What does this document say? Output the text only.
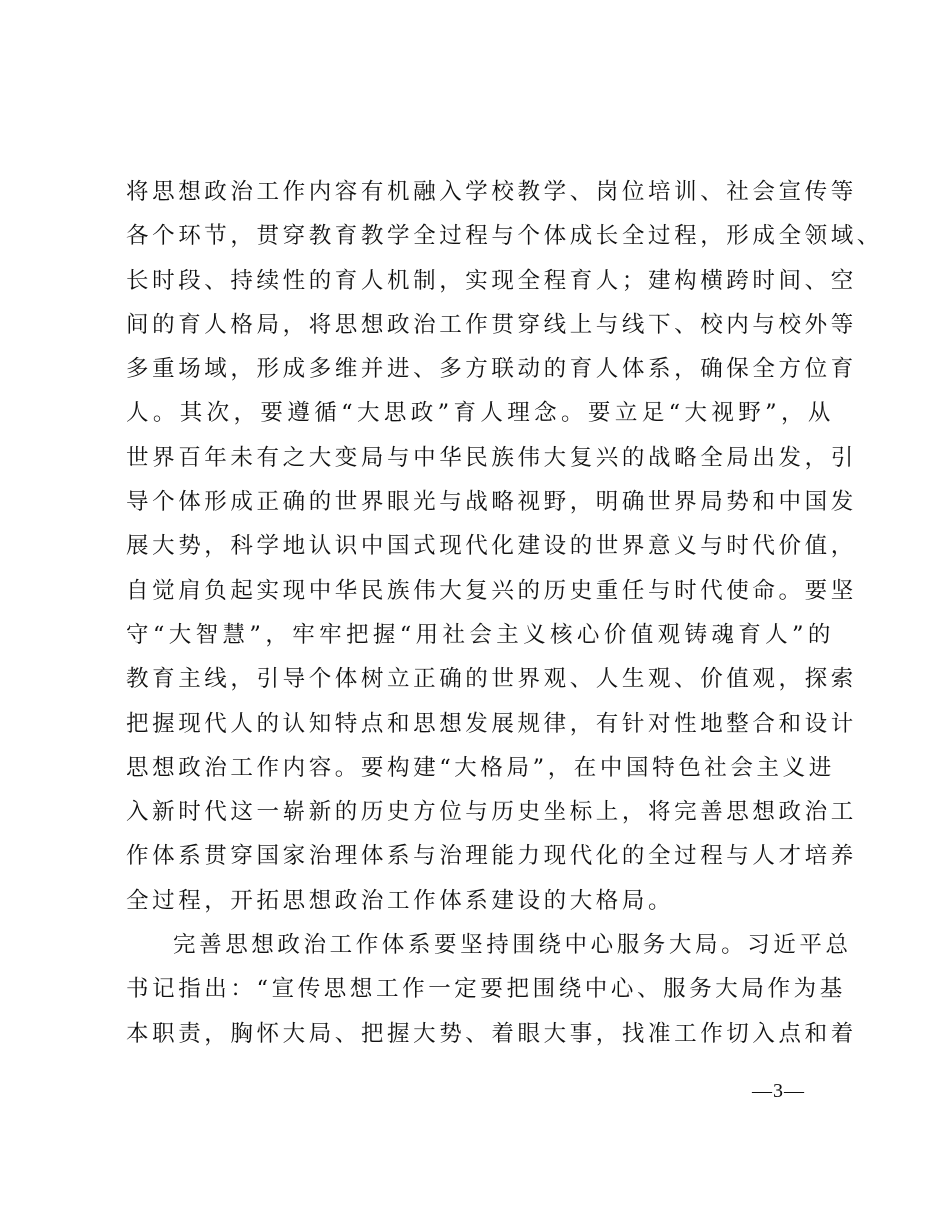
将思想政治工作内容有机融入学校教学、岗位培训、社会宣传等
各个环节，贯穿教育教学全过程与个体成长全过程，形成全领域、
长时段、持续性的育人机制，实现全程育人；建构横跨时间、空
间的育人格局，将思想政治工作贯穿线上与线下、校内与校外等
多重场域，形成多维并进、多方联动的育人体系，确保全方位育
人。其次，要遵循“大思政”育人理念。要立足“大视野”，从
世界百年未有之大变局与中华民族伟大复兴的战略全局出发，引
导个体形成正确的世界眼光与战略视野，明确世界局势和中国发
展大势，科学地认识中国式现代化建设的世界意义与时代价值，
自觉肩负起实现中华民族伟大复兴的历史重任与时代使命。要坚
守“大智慧”，牢牢把握“用社会主义核心价值观铸魂育人”的
教育主线，引导个体树立正确的世界观、人生观、价值观，探索
把握现代人的认知特点和思想发展规律，有针对性地整合和设计
思想政治工作内容。要构建“大格局”，在中国特色社会主义进
入新时代这一崭新的历史方位与历史坐标上，将完善思想政治工
作体系贯穿国家治理体系与治理能力现代化的全过程与人才培养
全过程，开拓思想政治工作体系建设的大格局。
完善思想政治工作体系要坚持围绕中心服务大局。习近平总
书记指出：“宣传思想工作一定要把围绕中心、服务大局作为基
本职责，胸怀大局、把握大势、着眼大事，找准工作切入点和着
—3—
